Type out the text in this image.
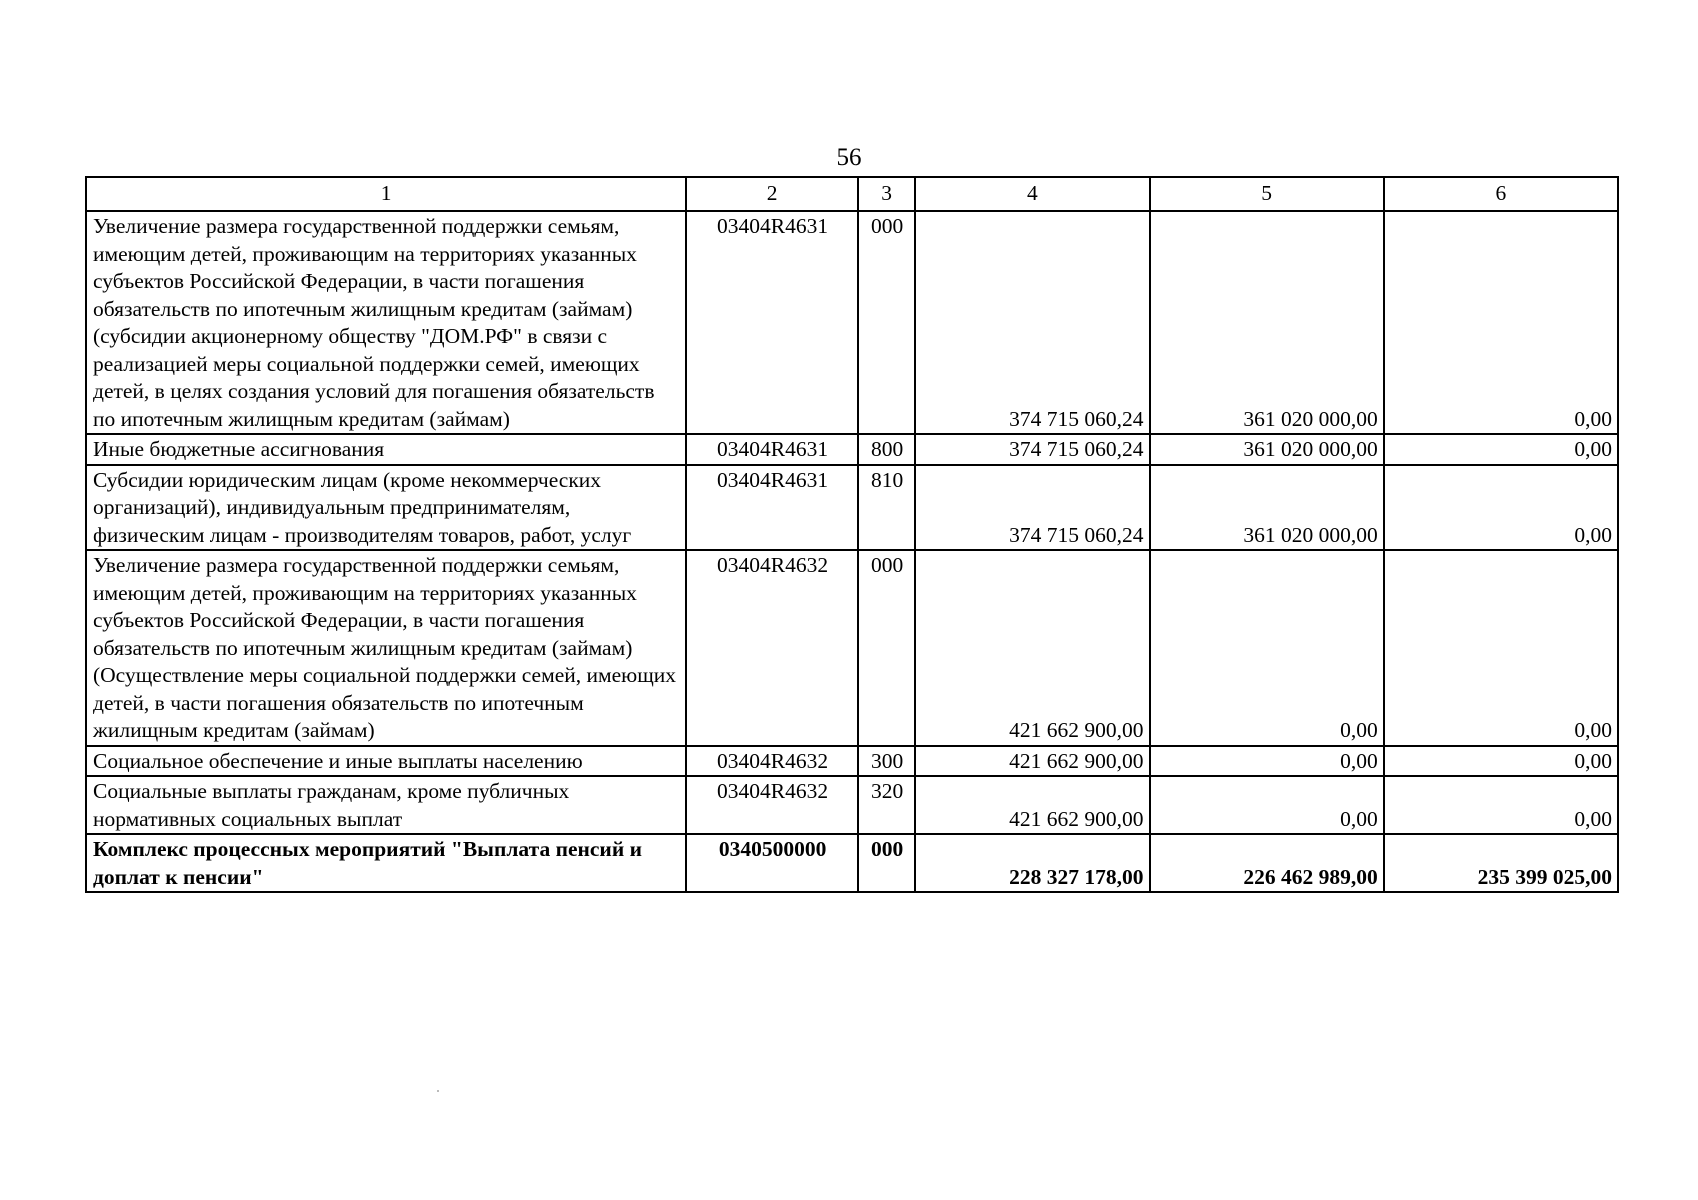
56
1	2	3	4	5	6
Увеличение размера государственной поддержки семьям, имеющим детей, проживающим на территориях указанных субъектов Российской Федерации, в части погашения обязательств по ипотечным жилищным кредитам (займам) (субсидии акционерному обществу "ДОМ.РФ" в связи с реализацией меры социальной поддержки семей, имеющих детей, в целях создания условий для погашения обязательств по ипотечным жилищным кредитам (займам)	03404R4631	000	374 715 060,24	361 020 000,00	0,00
Иные бюджетные ассигнования	03404R4631	800	374 715 060,24	361 020 000,00	0,00
Субсидии юридическим лицам (кроме некоммерческих организаций), индивидуальным предпринимателям, физическим лицам - производителям товаров, работ, услуг	03404R4631	810	374 715 060,24	361 020 000,00	0,00
Увеличение размера государственной поддержки семьям, имеющим детей, проживающим на территориях указанных субъектов Российской Федерации, в части погашения обязательств по ипотечным жилищным кредитам (займам) (Осуществление меры социальной поддержки семей, имеющих детей, в части погашения обязательств по ипотечным жилищным кредитам (займам)	03404R4632	000	421 662 900,00	0,00	0,00
Социальное обеспечение и иные выплаты населению	03404R4632	300	421 662 900,00	0,00	0,00
Социальные выплаты гражданам, кроме публичных нормативных социальных выплат	03404R4632	320	421 662 900,00	0,00	0,00
Комплекс процессных мероприятий "Выплата пенсий и доплат к пенсии"	0340500000	000	228 327 178,00	226 462 989,00	235 399 025,00
